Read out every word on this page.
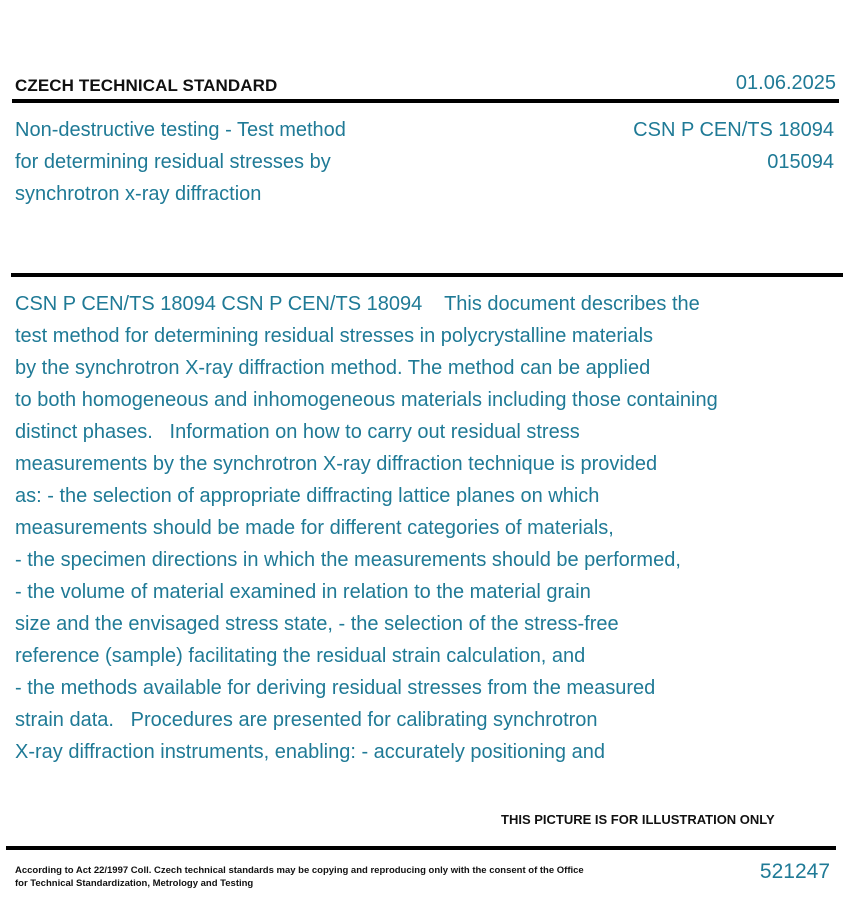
CZECH TECHNICAL STANDARD	01.06.2025
Non-destructive testing - Test method
for determining residual stresses by
synchrotron x-ray diffraction
CSN P CEN/TS 18094
015094
CSN P CEN/TS 18094 CSN P CEN/TS 18094    This document describes the
test method for determining residual stresses in polycrystalline materials
by the synchrotron X-ray diffraction method. The method can be applied
to both homogeneous and inhomogeneous materials including those containing
distinct phases.   Information on how to carry out residual stress
measurements by the synchrotron X-ray diffraction technique is provided
as: - the selection of appropriate diffracting lattice planes on which
measurements should be made for different categories of materials,
- the specimen directions in which the measurements should be performed,
- the volume of material examined in relation to the material grain
size and the envisaged stress state, - the selection of the stress-free
reference (sample) facilitating the residual strain calculation, and
- the methods available for deriving residual stresses from the measured
strain data.   Procedures are presented for calibrating synchrotron
X-ray diffraction instruments, enabling: - accurately positioning and
THIS PICTURE IS FOR ILLUSTRATION ONLY
According to Act 22/1997 Coll. Czech technical standards may be copying and reproducing only with the consent of the Office
for Technical Standardization, Metrology and Testing
521247
